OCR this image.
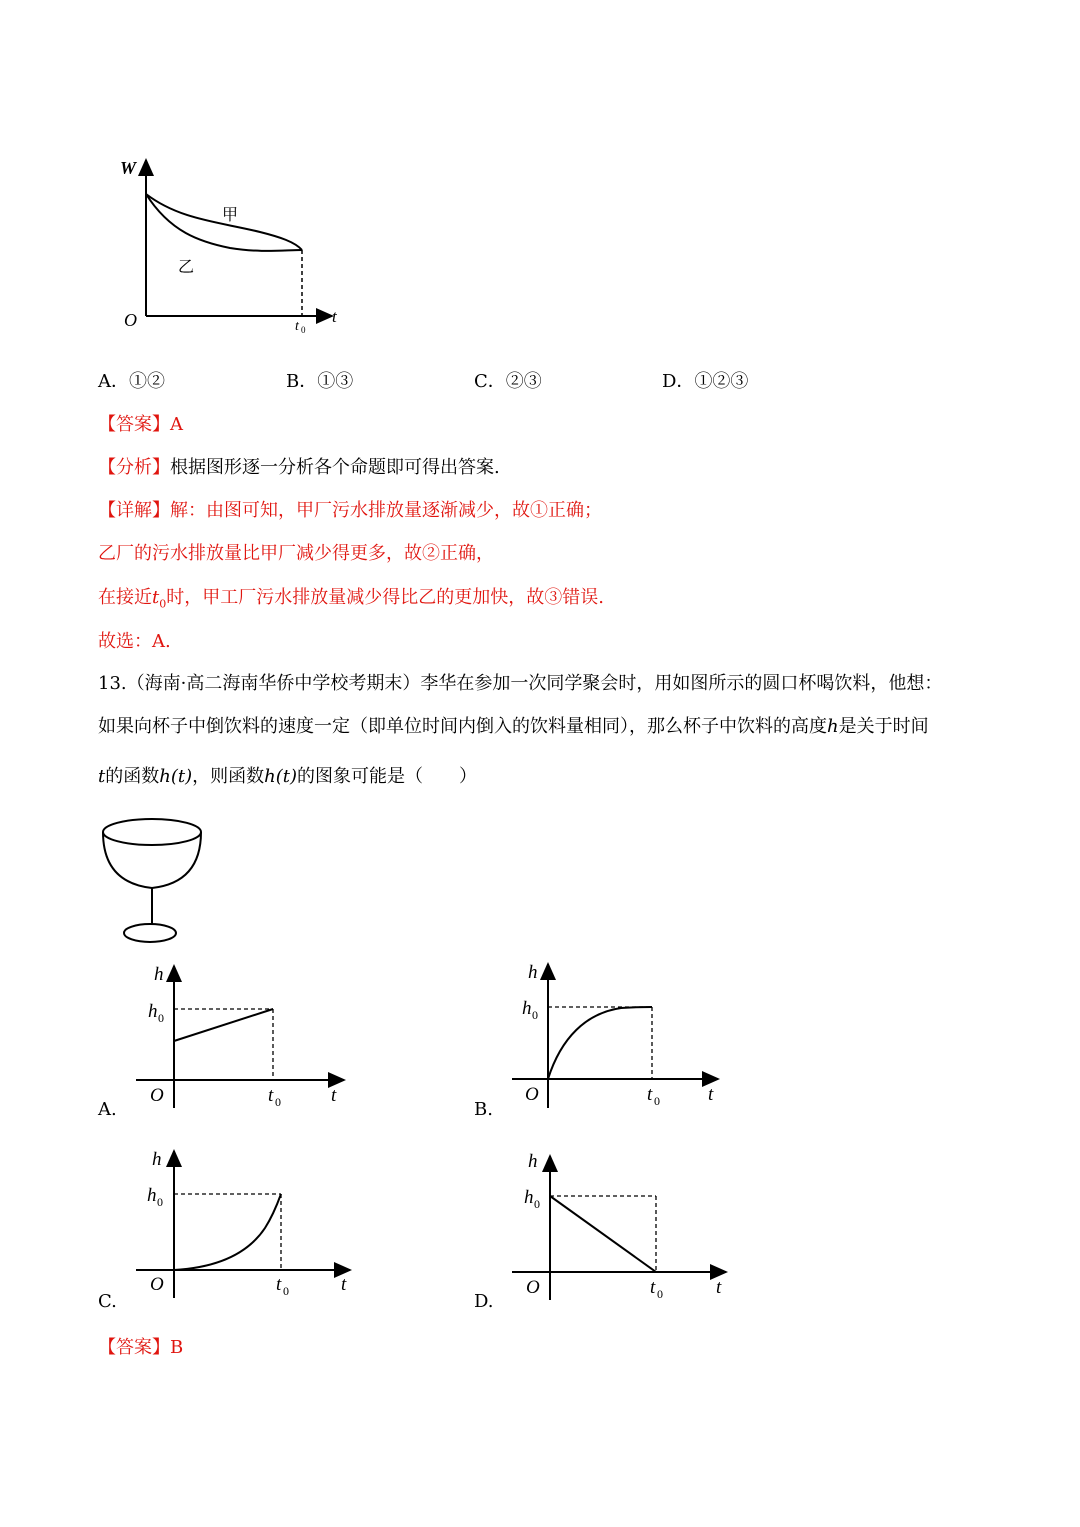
W
O	t
t 0
甲
乙
A．①②	B．①③	C．②③	D．①②③
【答案】A
【分析】根据图形逐一分析各个命题即可得出答案.
【详解】解：由图可知，甲厂污水排放量逐渐减少，故①正确；
乙厂的污水排放量比甲厂减少得更多，故②正确，
在接近$t_0$时，甲工厂污水排放量减少得比乙的更加快，故③错误.
故选：A.
13.（海南·高二海南华侨中学校考期末）李华在参加一次同学聚会时，用如图所示的圆口杯喝饮料，他想：
如果向杯子中倒饮料的速度一定（即单位时间内倒入的饮料量相同），那么杯子中饮料的高度h是关于时间
t的函数h(t)，则函数h(t)的图象可能是（　　）
h
h 0
O	t 0	t
A.
h
h 0
O	t 0	t
B.
h
h 0
O	t 0	t
C.
h
h 0
O	t 0	t
D.
【答案】B
